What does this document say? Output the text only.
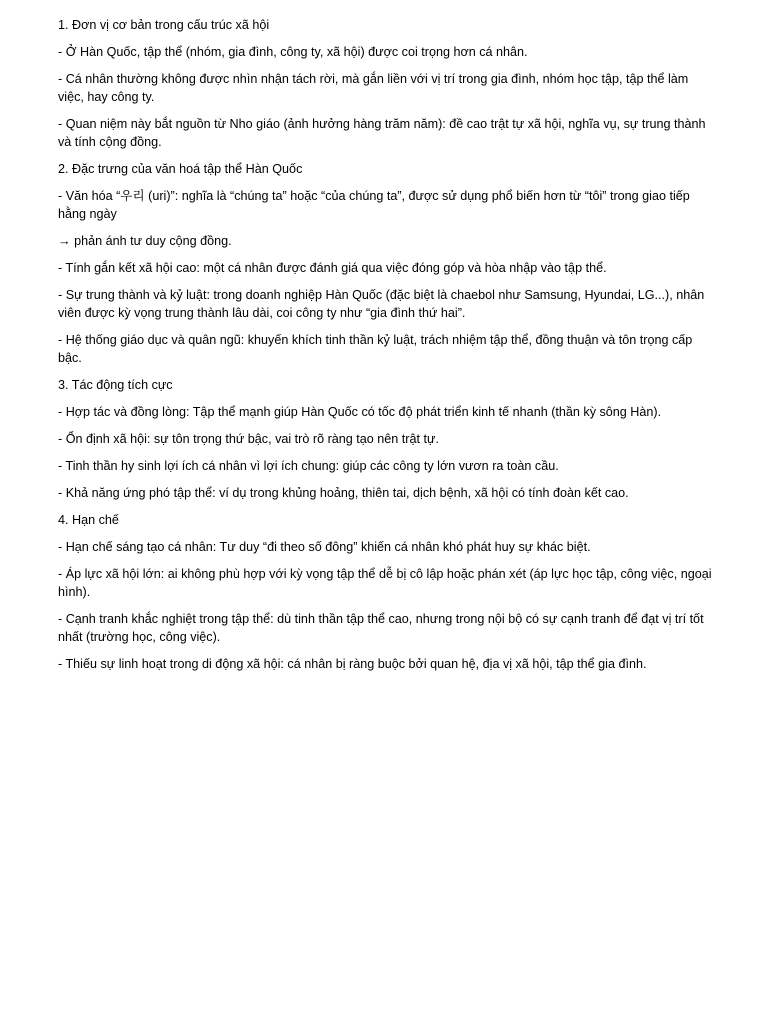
1. Đơn vị cơ bản trong cấu trúc xã hội

- Ở Hàn Quốc, tập thể (nhóm, gia đình, công ty, xã hội) được coi trọng hơn cá nhân.

- Cá nhân thường không được nhìn nhận tách rời, mà gắn liền với vị trí trong gia đình, nhóm học tập, tập thể làm việc, hay công ty.

- Quan niệm này bắt nguồn từ Nho giáo (ảnh hưởng hàng trăm năm): đề cao trật tự xã hội, nghĩa vụ, sự trung thành và tính cộng đồng.

2. Đặc trưng của văn hoá tập thể Hàn Quốc

- Văn hóa “우리 (uri)”: nghĩa là “chúng ta” hoặc “của chúng ta”, được sử dụng phổ biến hơn từ “tôi” trong giao tiếp hằng ngày

→ phản ánh tư duy cộng đồng.

- Tính gắn kết xã hội cao: một cá nhân được đánh giá qua việc đóng góp và hòa nhập vào tập thể.

- Sự trung thành và kỷ luật: trong doanh nghiệp Hàn Quốc (đặc biệt là chaebol như Samsung, Hyundai, LG...), nhân viên được kỳ vọng trung thành lâu dài, coi công ty như “gia đình thứ hai”.

- Hệ thống giáo dục và quân ngũ: khuyến khích tinh thần kỷ luật, trách nhiệm tập thể, đồng thuận và tôn trọng cấp bậc.

3. Tác động tích cực

- Hợp tác và đồng lòng: Tập thể mạnh giúp Hàn Quốc có tốc độ phát triển kinh tế nhanh (thần kỳ sông Hàn).

- Ổn định xã hội: sự tôn trọng thứ bậc, vai trò rõ ràng tạo nên trật tự.

- Tinh thần hy sinh lợi ích cá nhân vì lợi ích chung: giúp các công ty lớn vươn ra toàn cầu.

- Khả năng ứng phó tập thể: ví dụ trong khủng hoảng, thiên tai, dịch bệnh, xã hội có tính đoàn kết cao.

4. Hạn chế

- Hạn chế sáng tạo cá nhân: Tư duy “đi theo số đông” khiến cá nhân khó phát huy sự khác biệt.

- Áp lực xã hội lớn: ai không phù hợp với kỳ vọng tập thể dễ bị cô lập hoặc phán xét (áp lực học tập, công việc, ngoại hình).

- Cạnh tranh khắc nghiệt trong tập thể: dù tinh thần tập thể cao, nhưng trong nội bộ có sự cạnh tranh để đạt vị trí tốt nhất (trường học, công việc).

- Thiếu sự linh hoạt trong di động xã hội: cá nhân bị ràng buộc bởi quan hệ, địa vị xã hội, tập thể gia đình.
